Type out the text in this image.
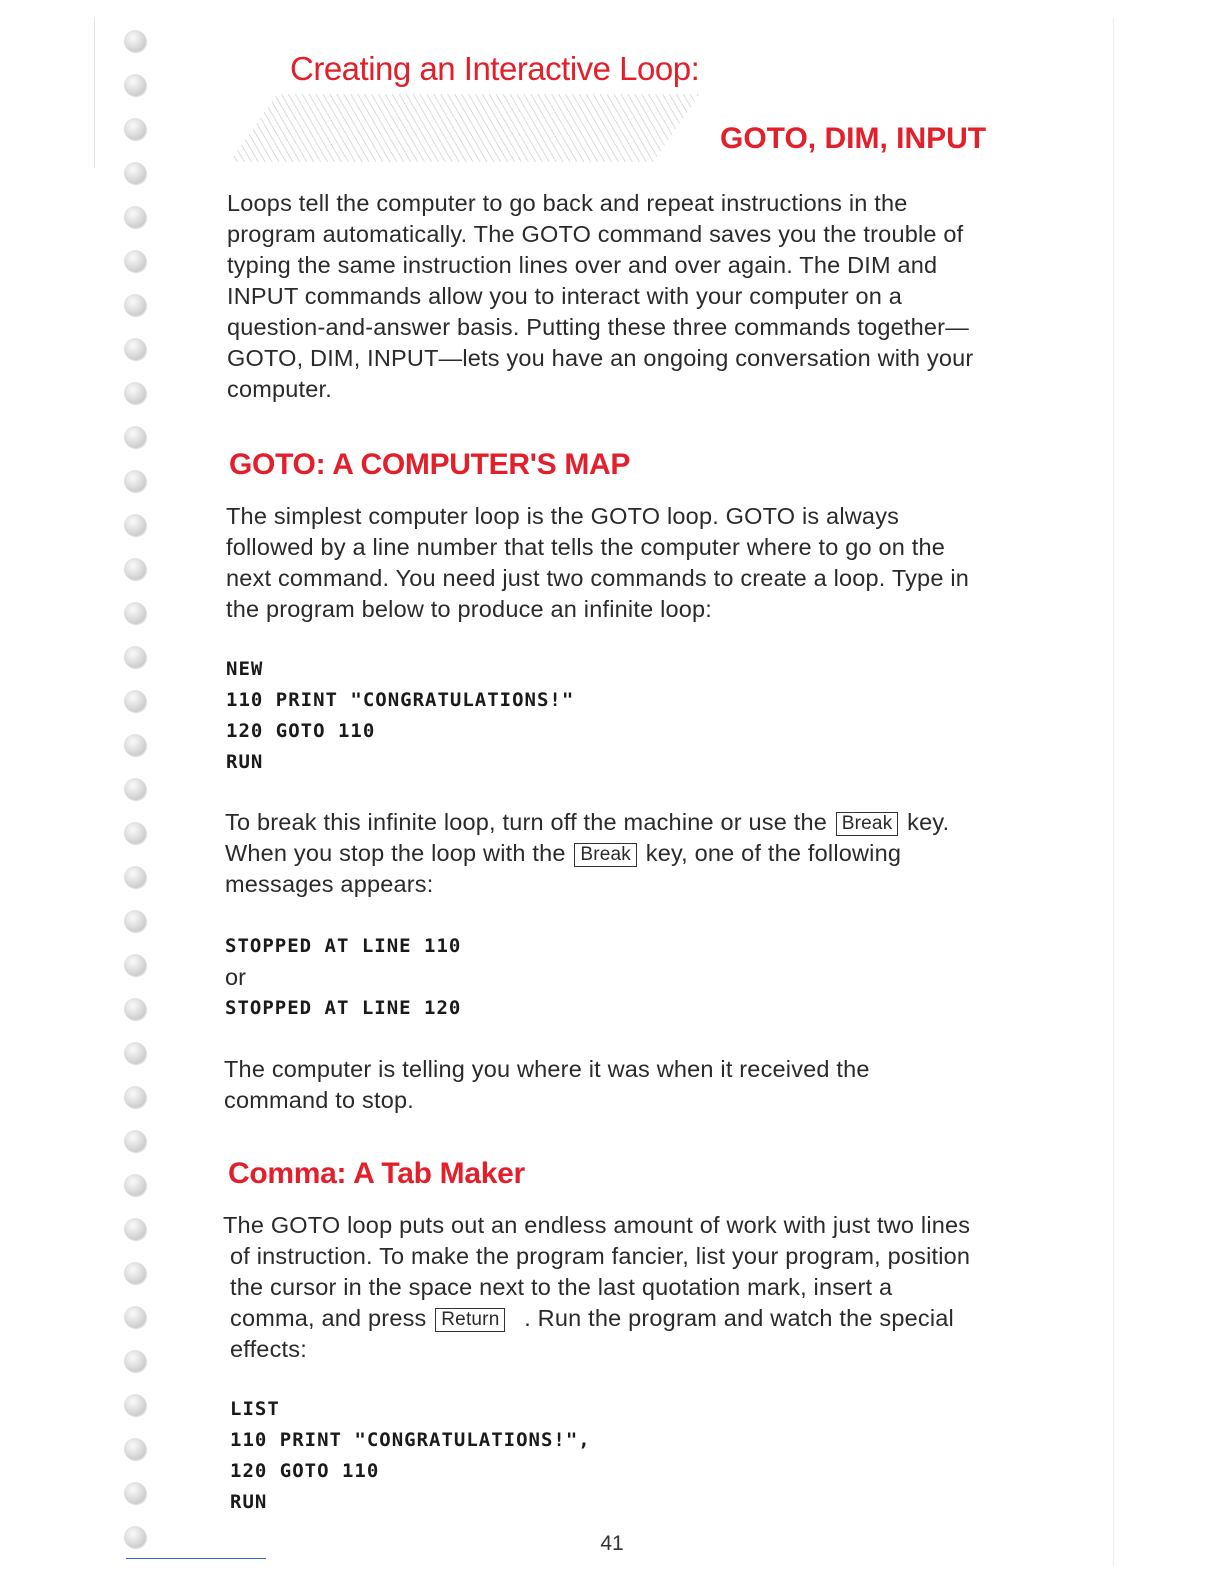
Creating an Interactive Loop:
GOTO, DIM, INPUT
Loops tell the computer to go back and repeat instructions in the
program automatically. The GOTO command saves you the trouble of
typing the same instruction lines over and over again. The DIM and
INPUT commands allow you to interact with your computer on a
question-and-answer basis. Putting these three commands together—
GOTO, DIM, INPUT—lets you have an ongoing conversation with your
computer.
GOTO: A COMPUTER'S MAP
The simplest computer loop is the GOTO loop. GOTO is always
followed by a line number that tells the computer where to go on the
next command. You need just two commands to create a loop. Type in
the program below to produce an infinite loop:
NEW
110 PRINT "CONGRATULATIONS!"
120 GOTO 110
RUN
To break this infinite loop, turn off the machine or use the Break key.
When you stop the loop with the Break key, one of the following
messages appears:
STOPPED AT LINE 110
or
STOPPED AT LINE 120
The computer is telling you where it was when it received the
command to stop.
Comma: A Tab Maker
The GOTO loop puts out an endless amount of work with just two lines
of instruction. To make the program fancier, list your program, position
the cursor in the space next to the last quotation mark, insert a
comma, and press Return . Run the program and watch the special
effects:
LIST
110 PRINT "CONGRATULATIONS!",
120 GOTO 110
RUN

41
